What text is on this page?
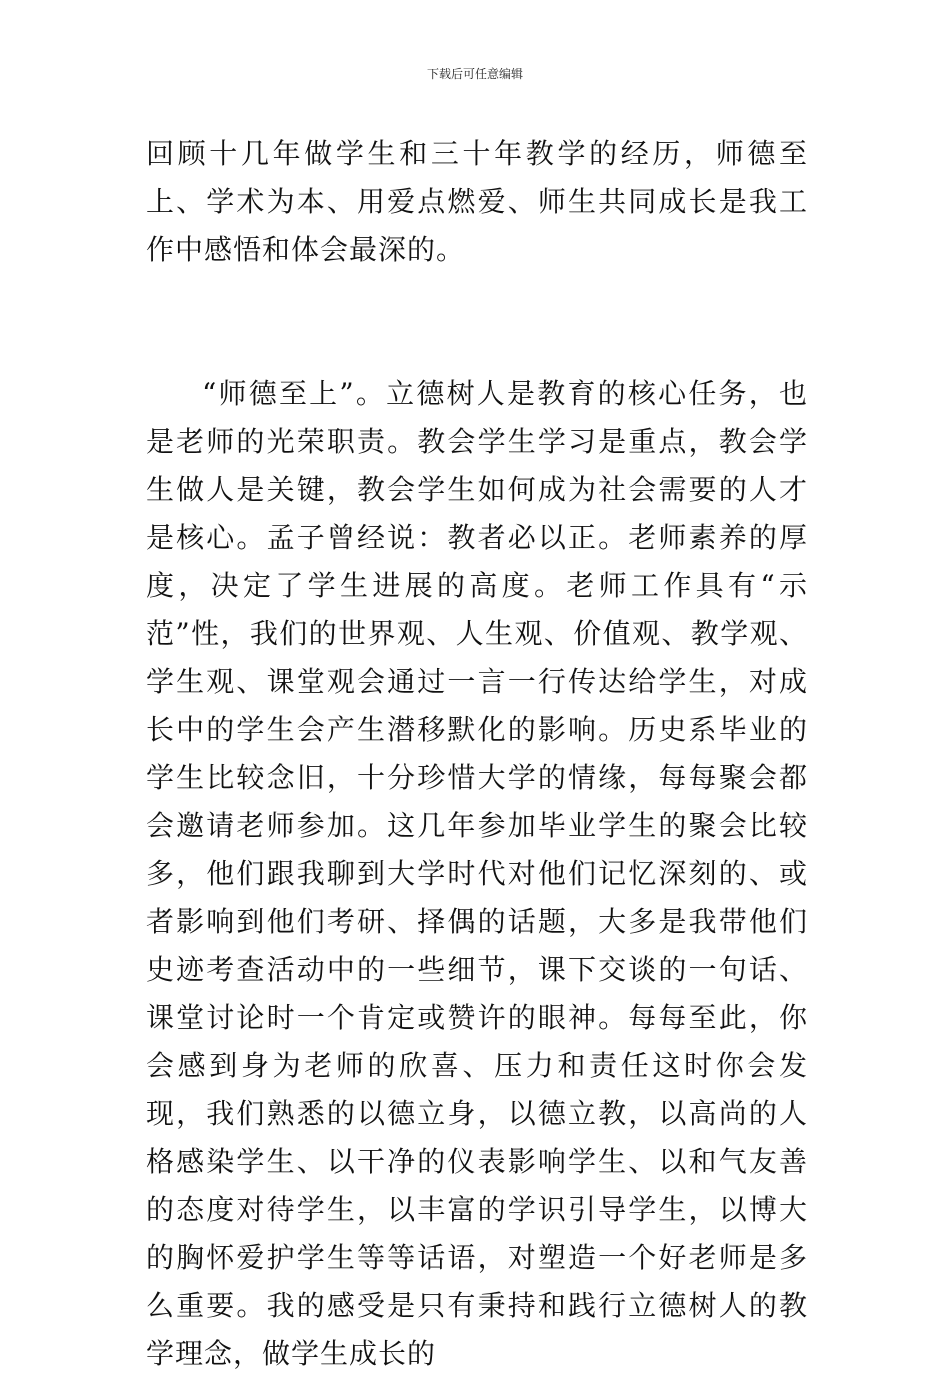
下载后可任意编辑

回顾十几年做学生和三十年教学的经历，师德至上、学术为本、用爱点燃爱、师生共同成长是我工作中感悟和体会最深的。

“师德至上”。立德树人是教育的核心任务，也是老师的光荣职责。教会学生学习是重点，教会学生做人是关键，教会学生如何成为社会需要的人才是核心。孟子曾经说：教者必以正。老师素养的厚度，决定了学生进展的高度。老师工作具有“示范”性，我们的世界观、人生观、价值观、教学观、学生观、课堂观会通过一言一行传达给学生，对成长中的学生会产生潜移默化的影响。历史系毕业的学生比较念旧，十分珍惜大学的情缘，每每聚会都会邀请老师参加。这几年参加毕业学生的聚会比较多，他们跟我聊到大学时代对他们记忆深刻的、或者影响到他们考研、择偶的话题，大多是我带他们史迹考查活动中的一些细节，课下交谈的一句话、课堂讨论时一个肯定或赞许的眼神。每每至此，你会感到身为老师的欣喜、压力和责任这时你会发现，我们熟悉的以德立身，以德立教，以高尚的人格感染学生、以干净的仪表影响学生、以和气友善的态度对待学生，以丰富的学识引导学生，以博大的胸怀爱护学生等等话语，对塑造一个好老师是多么重要。我的感受是只有秉持和践行立德树人的教学理念，做学生成长的
